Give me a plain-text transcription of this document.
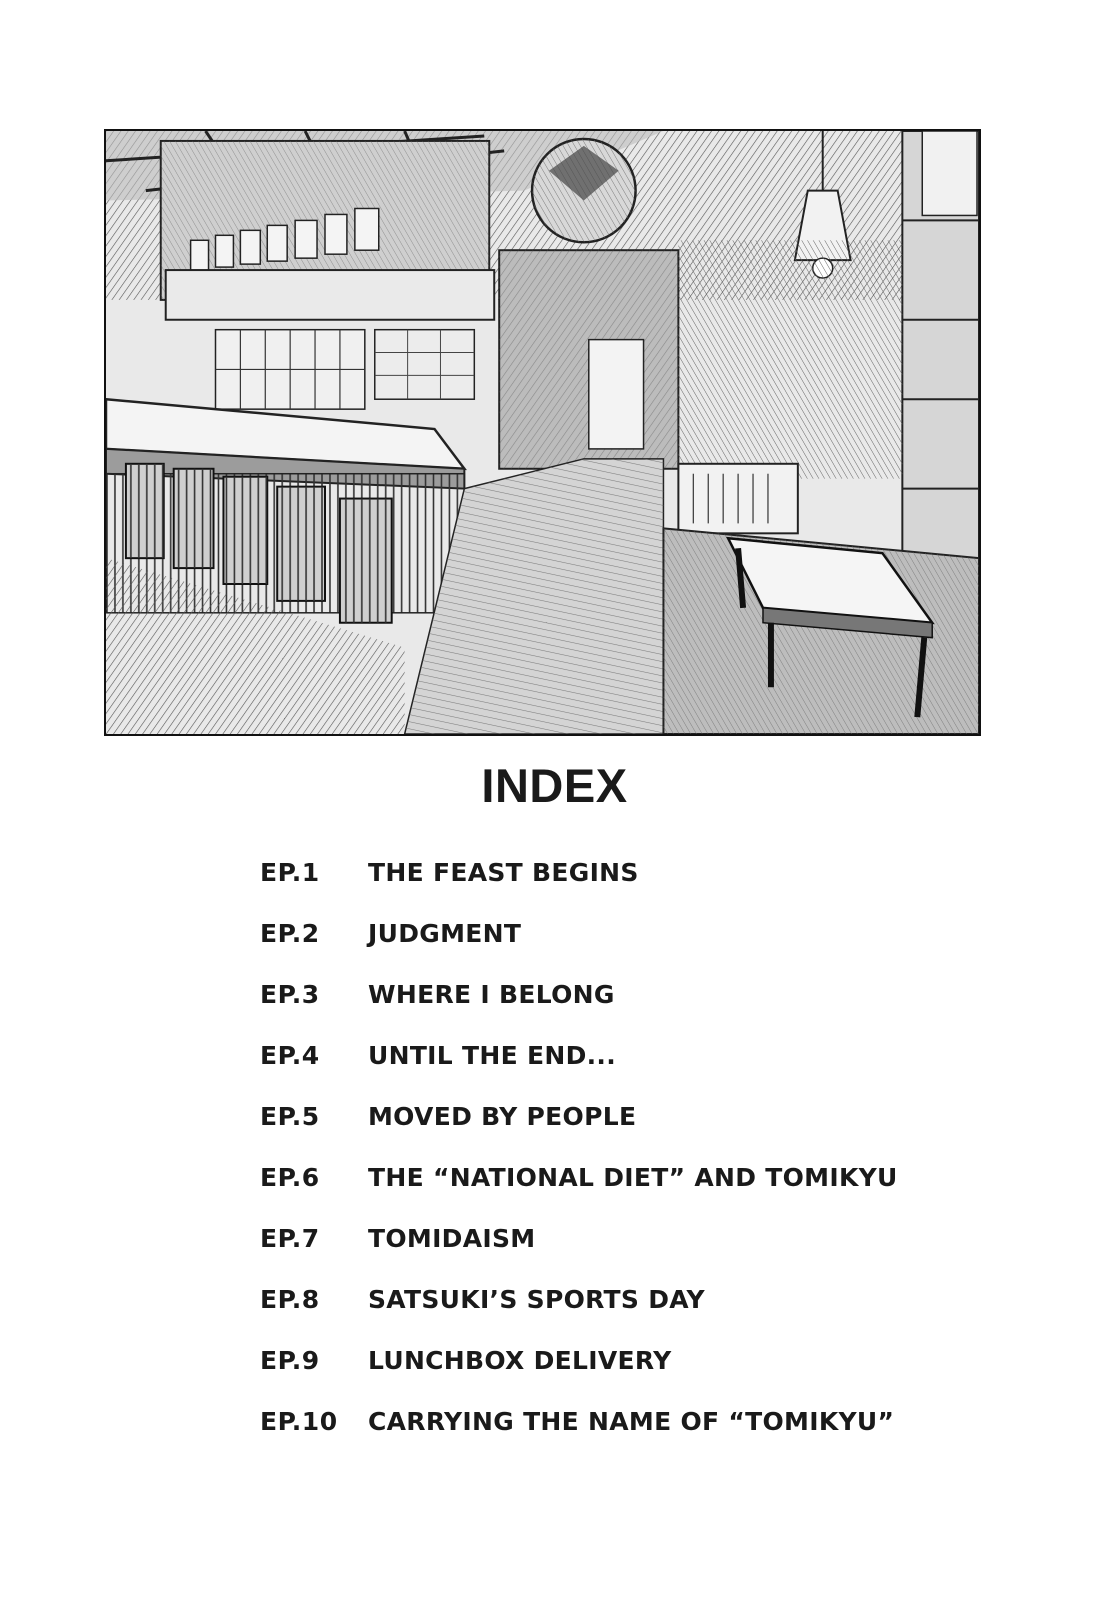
INDEX
EP.1	THE FEAST BEGINS
EP.2	JUDGMENT
EP.3	WHERE I BELONG
EP.4	UNTIL THE END...
EP.5	MOVED BY PEOPLE
EP.6	THE “NATIONAL DIET” AND TOMIKYU
EP.7	TOMIDAISM
EP.8	SATSUKI’S SPORTS DAY
EP.9	LUNCHBOX DELIVERY
EP.10	CARRYING THE NAME OF “TOMIKYU”
